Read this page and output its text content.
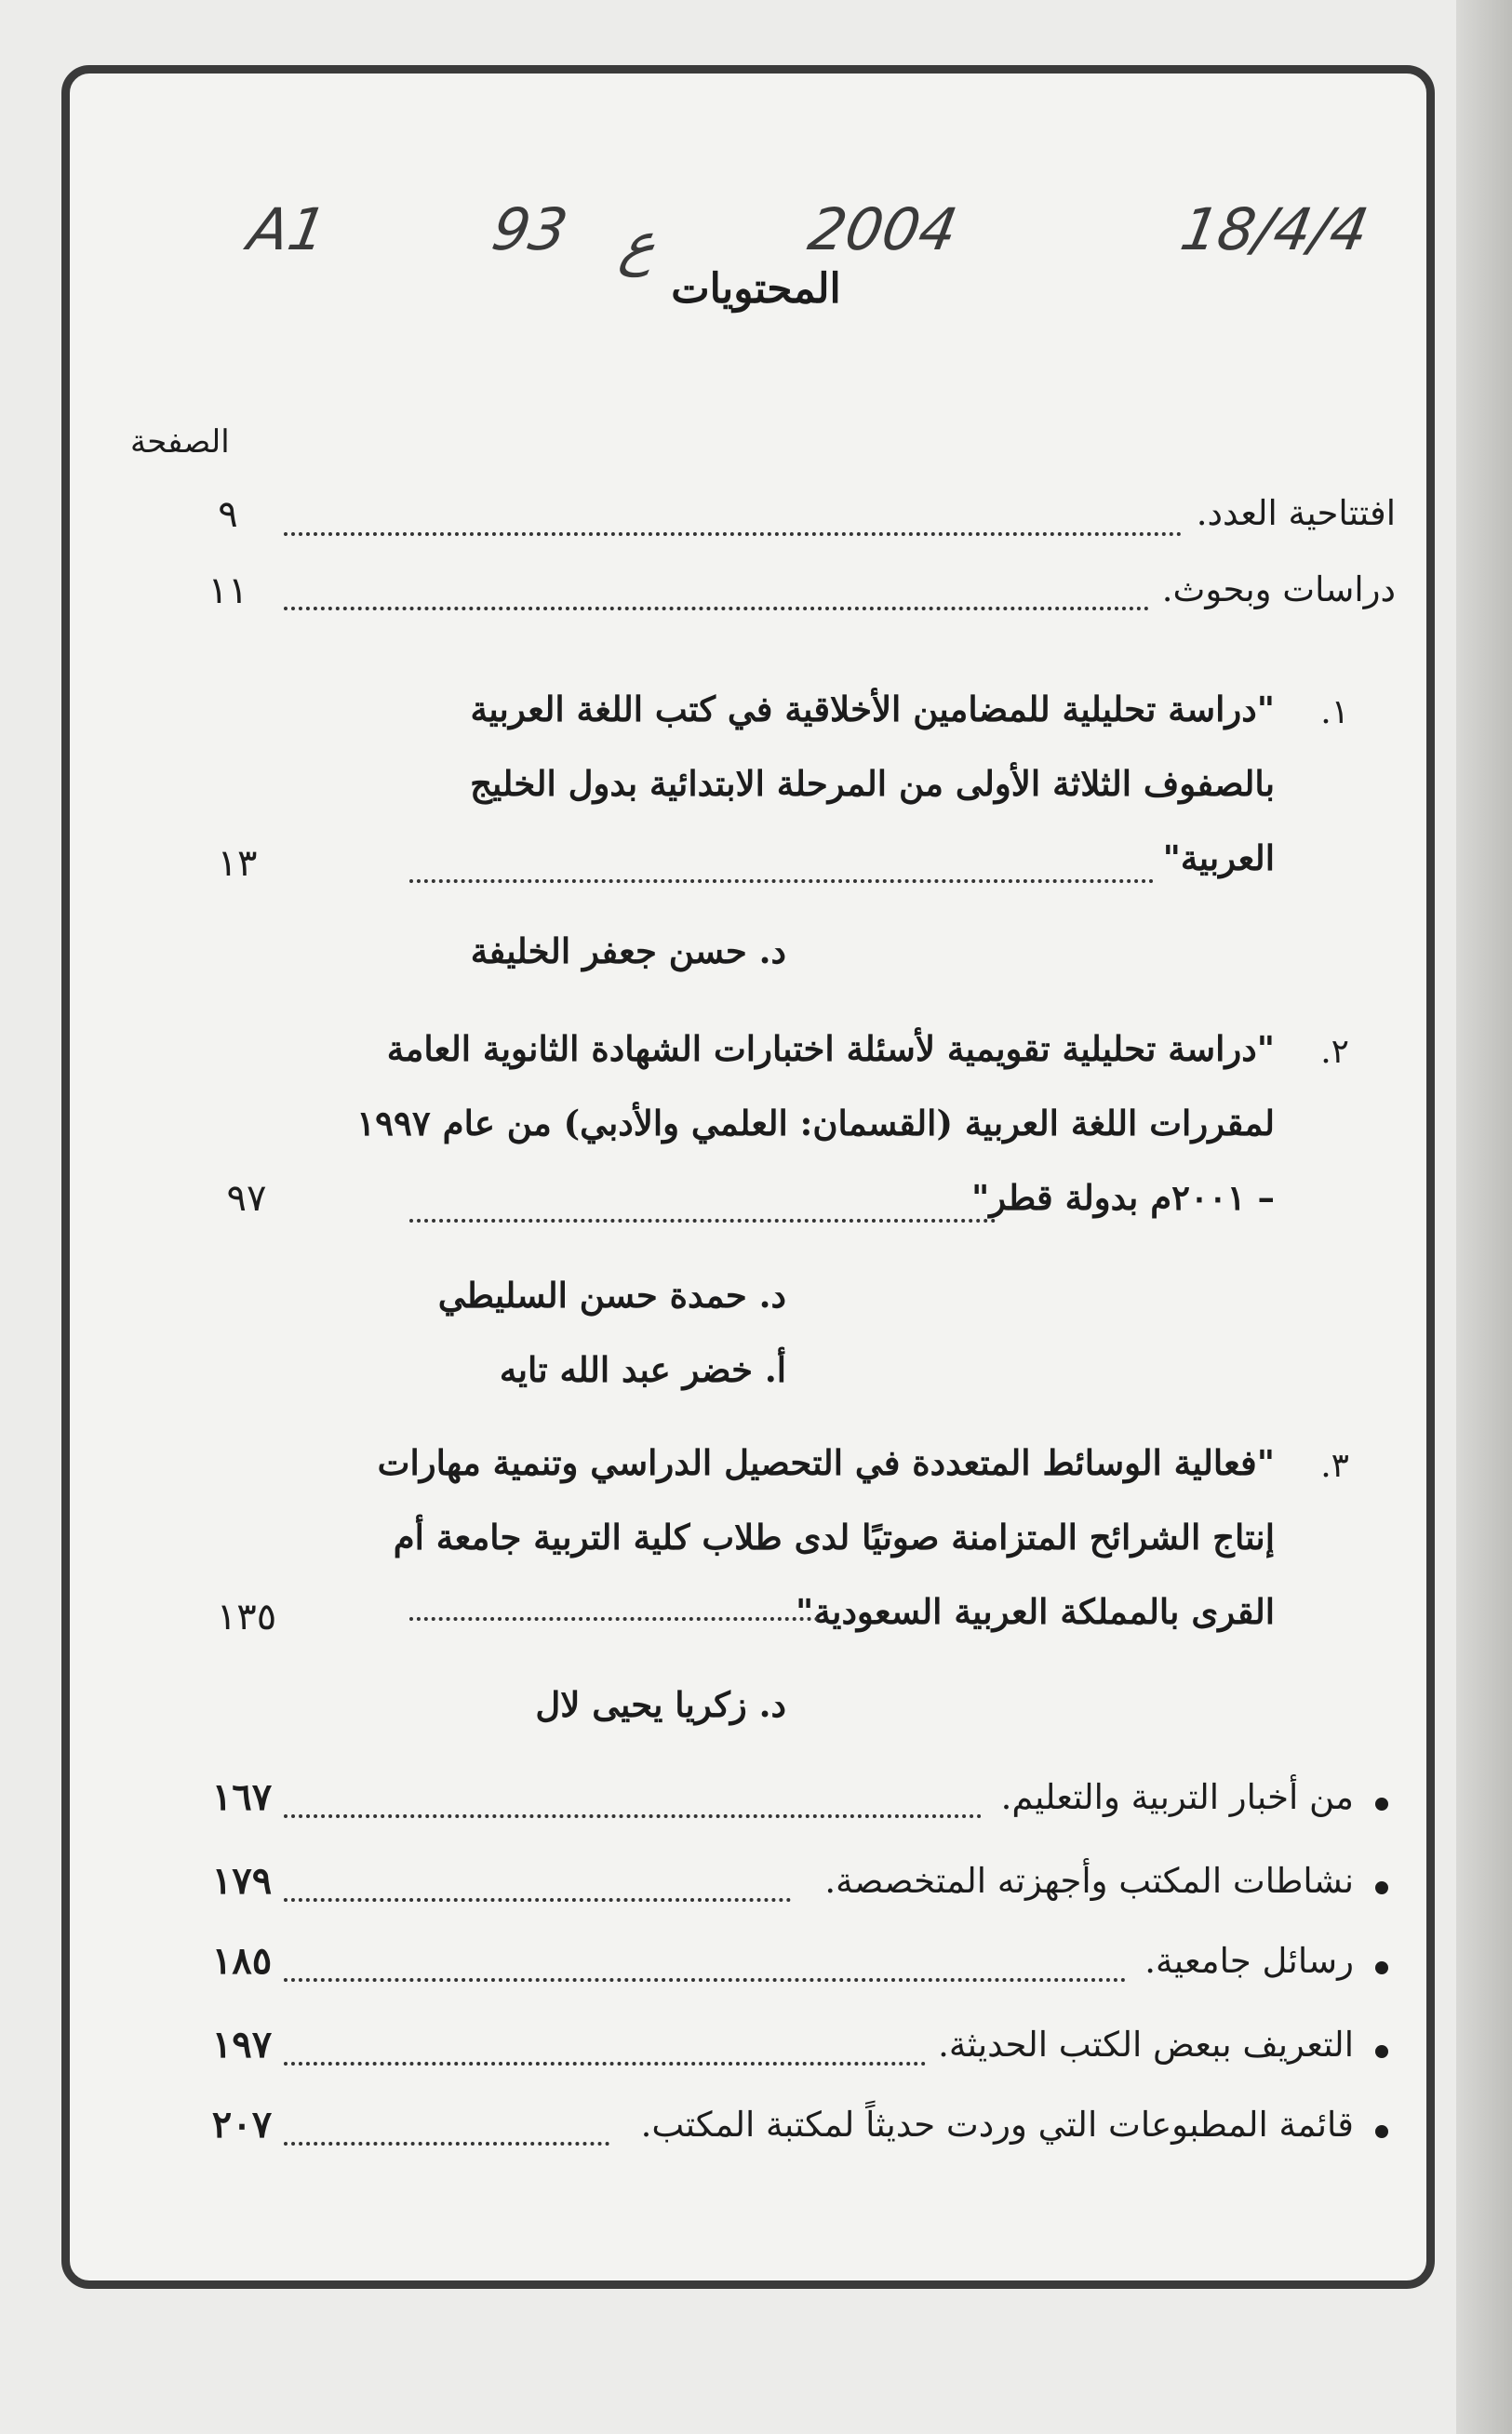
A1	93 ع 2004	18/4/4
المحتويات
الصفحة
افتتاحية العدد.
٩
دراسات وبحوث.
١١
١.
"دراسة تحليلية للمضامين الأخلاقية في كتب اللغة العربية
بالصفوف الثلاثة الأولى من المرحلة الابتدائية بدول الخليج
العربية"
١٣
د. حسن جعفر الخليفة
٢.
"دراسة تحليلية تقويمية لأسئلة اختبارات الشهادة الثانوية العامة
لمقررات اللغة العربية (القسمان: العلمي والأدبي) من عام ١٩٩٧
– ٢٠٠١م بدولة قطر"
٩٧
د. حمدة حسن السليطي
أ. خضر عبد الله تايه
٣.
"فعالية الوسائط المتعددة في التحصيل الدراسي وتنمية مهارات
إنتاج الشرائح المتزامنة صوتيًا لدى طلاب كلية التربية جامعة أم
القرى بالمملكة العربية السعودية"
١٣٥
د. زكريا يحيى لال
من أخبار التربية والتعليم.
١٦٧
نشاطات المكتب وأجهزته المتخصصة.
١٧٩
رسائل جامعية.
١٨٥
التعريف ببعض الكتب الحديثة.
١٩٧
قائمة المطبوعات التي وردت حديثاً لمكتبة المكتب.
٢٠٧
